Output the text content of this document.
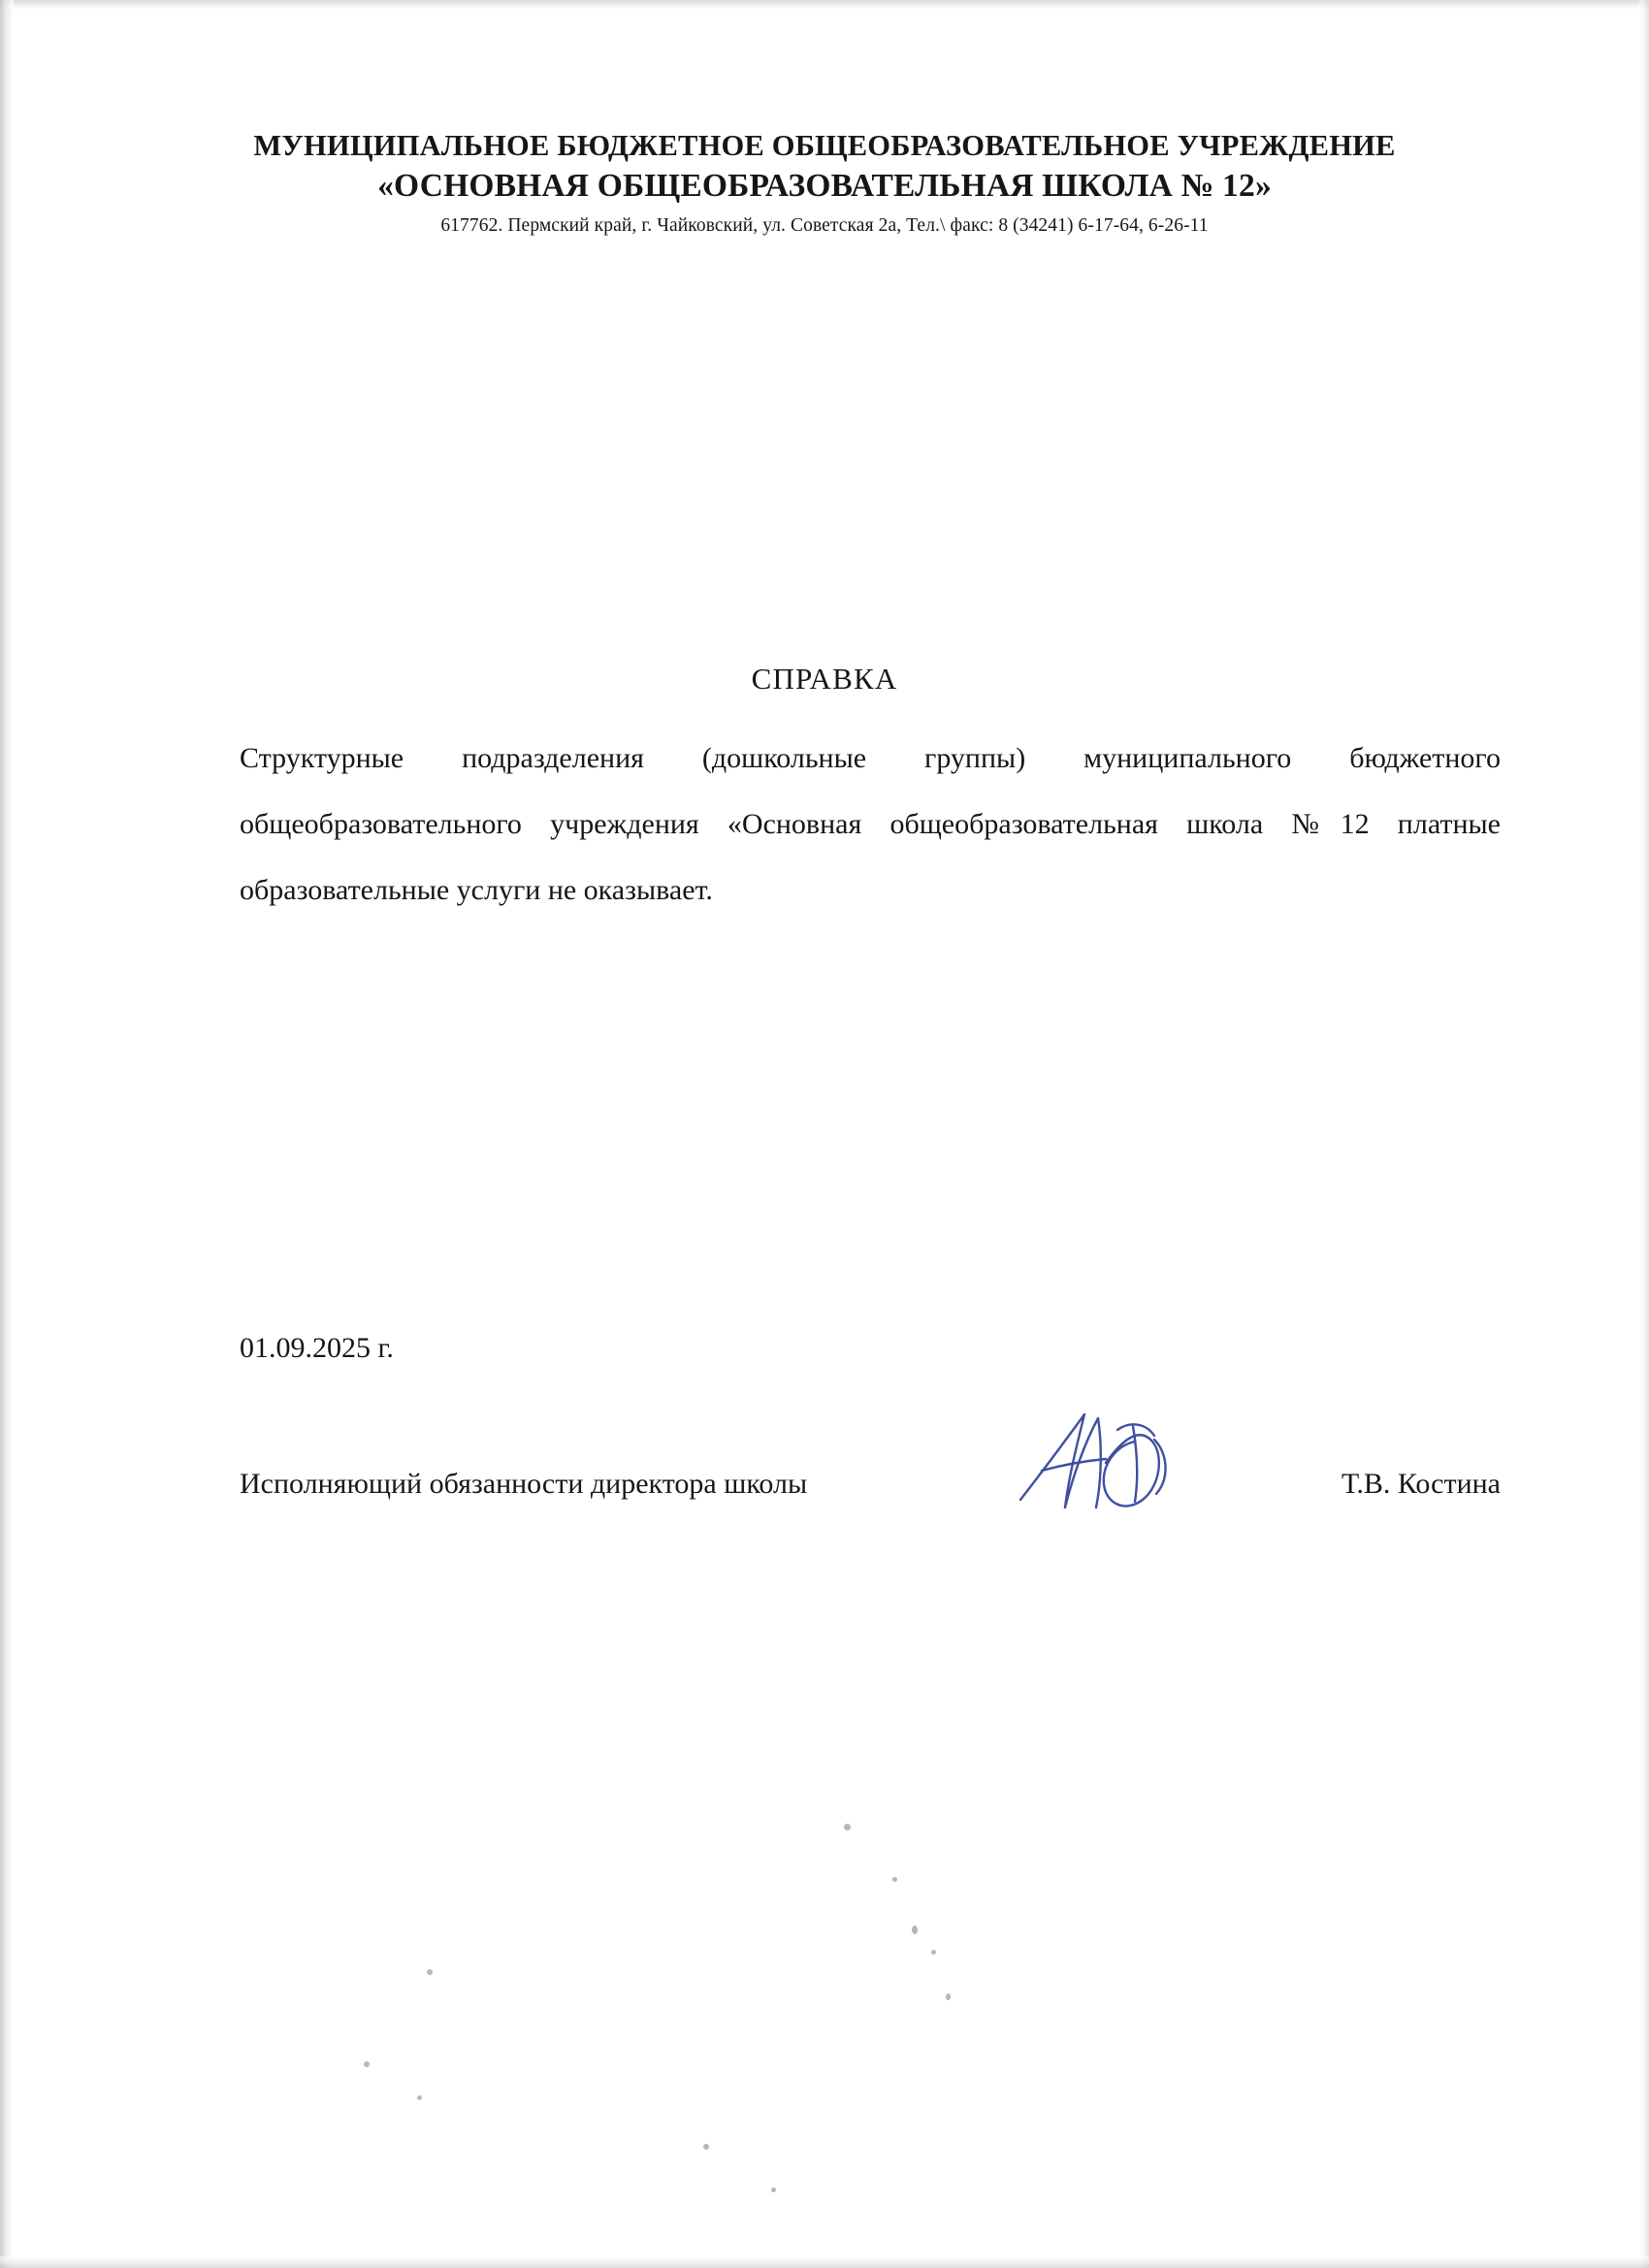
МУНИЦИПАЛЬНОЕ БЮДЖЕТНОЕ ОБЩЕОБРАЗОВАТЕЛЬНОЕ УЧРЕЖДЕНИЕ
«ОСНОВНАЯ ОБЩЕОБРАЗОВАТЕЛЬНАЯ ШКОЛА № 12»
617762. Пермский край, г. Чайковский, ул. Советская 2а, Тел.\ факс: 8 (34241) 6-17-64, 6-26-11
СПРАВКА
Структурные подразделения (дошкольные группы) муниципального бюджетного общеобразовательного учреждения «Основная общеобразовательная школа №12 платные образовательные услуги не оказывает.
01.09.2025 г.
Исполняющий обязанности директора школы	Т.В. Костина
